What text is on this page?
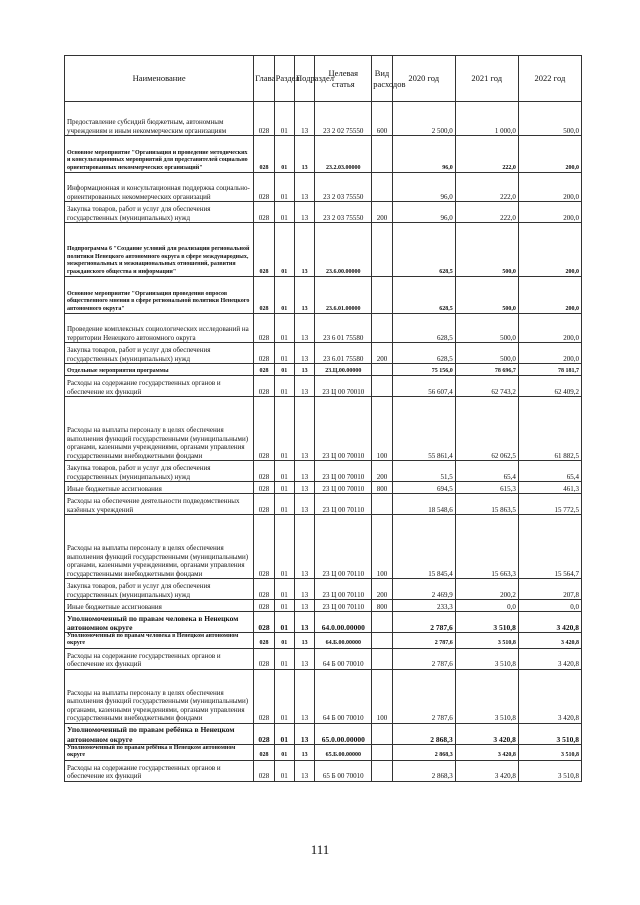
Наименование	Глава	Раздел	Подраздел	Целевая статья	Вид расходов	2020 год	2021 год	2022 год
Предоставление субсидий бюджетным, автономным учреждениям и иным некоммерческим организациям	028	01	13	23 2 02 75550	600	2 500,0	1 000,0	500,0
Основное мероприятие "Организация и проведение методических и консультационных мероприятий для представителей социально ориентированных некоммерческих организаций"	028	01	13	23.2.03.00000		96,0	222,0	200,0
Информационная и консультационная поддержка социально-ориентированных некоммерческих организаций	028	01	13	23 2 03 75550		96,0	222,0	200,0
Закупка товаров, работ и услуг для обеспечения государственных (муниципальных) нужд	028	01	13	23 2 03 75550	200	96,0	222,0	200,0
Подпрограмма 6 "Создание условий для реализации региональной политики Ненецкого автономного округа в сфере международных, межрегиональных и межнациональных отношений, развития гражданского общества и информации"	028	01	13	23.6.00.00000		628,5	500,0	200,0
Основное мероприятие "Организация проведения опросов общественного мнения в сфере региональной политики Ненецкого автономного округа"	028	01	13	23.6.01.00000		628,5	500,0	200,0
Проведение комплексных социологических исследований на территории Ненецкого автономного округа	028	01	13	23 6 01 75580		628,5	500,0	200,0
Закупка товаров, работ и услуг для обеспечения государственных (муниципальных) нужд	028	01	13	23 6.01 75580	200	628,5	500,0	200,0
Отдельные мероприятия программы	028	01	13	23.Ц.00.00000		75 156,0	78 696,7	78 181,7
Расходы на содержание государственных органов и обеспечение их функций	028	01	13	23 Ц 00 70010		56 607,4	62 743,2	62 409,2
Расходы на выплаты персоналу в целях обеспечения выполнения функций государственными (муниципальными) органами, казенными учреждениями, органами управления государственными внебюджетными фондами	028	01	13	23 Ц 00 70010	100	55 861,4	62 062,5	61 882,5
Закупка товаров, работ и услуг для обеспечения государственных (муниципальных) нужд	028	01	13	23 Ц 00 70010	200	51,5	65,4	65,4
Иные бюджетные ассигнования	028	01	13	23 Ц 00 70010	800	694,5	615,3	461,3
Расходы на обеспечение деятельности подведомственных казённых учреждений	028	01	13	23 Ц 00 70110		18 548,6	15 863,5	15 772,5
Расходы на выплаты персоналу в целях обеспечения выполнения функций государственными (муниципальными) органами, казенными учреждениями, органами управления государственными внебюджетными фондами	028	01	13	23 Ц 00 70110	100	15 845,4	15 663,3	15 564,7
Закупка товаров, работ и услуг для обеспечения государственных (муниципальных) нужд	028	01	13	23 Ц 00 70110	200	2 469,9	200,2	207,8
Иные бюджетные ассигнования	028	01	13	23 Ц 00 70110	800	233,3	0,0	0,0
Уполномоченный по правам человека в Ненецком автономном округе	028	01	13	64.0.00.00000		2 787,6	3 510,8	3 420,8
Уполномоченный по правам человека в Ненецком автономном округе	028	01	13	64.Б.00.00000		2 787,6	3 510,8	3 420,8
Расходы на содержание государственных органов и обеспечение их функций	028	01	13	64 Б 00 70010		2 787,6	3 510,8	3 420,8
Расходы на выплаты персоналу в целях обеспечения выполнения функций государственными (муниципальными) органами, казенными учреждениями, органами управления государственными внебюджетными фондами	028	01	13	64 Б 00 70010	100	2 787,6	3 510,8	3 420,8
Уполномоченный по правам ребёнка в Ненецком автономном округе	028	01	13	65.0.00.00000		2 868,3	3 420,8	3 510,8
Уполномоченный по правам ребёнка в Ненецком автономном округе	028	01	13	65.Б.00.00000		2 868,3	3 420,8	3 510,8
Расходы на содержание государственных органов и обеспечение их функций	028	01	13	65 Б 00 70010		2 868,3	3 420,8	3 510,8
111
